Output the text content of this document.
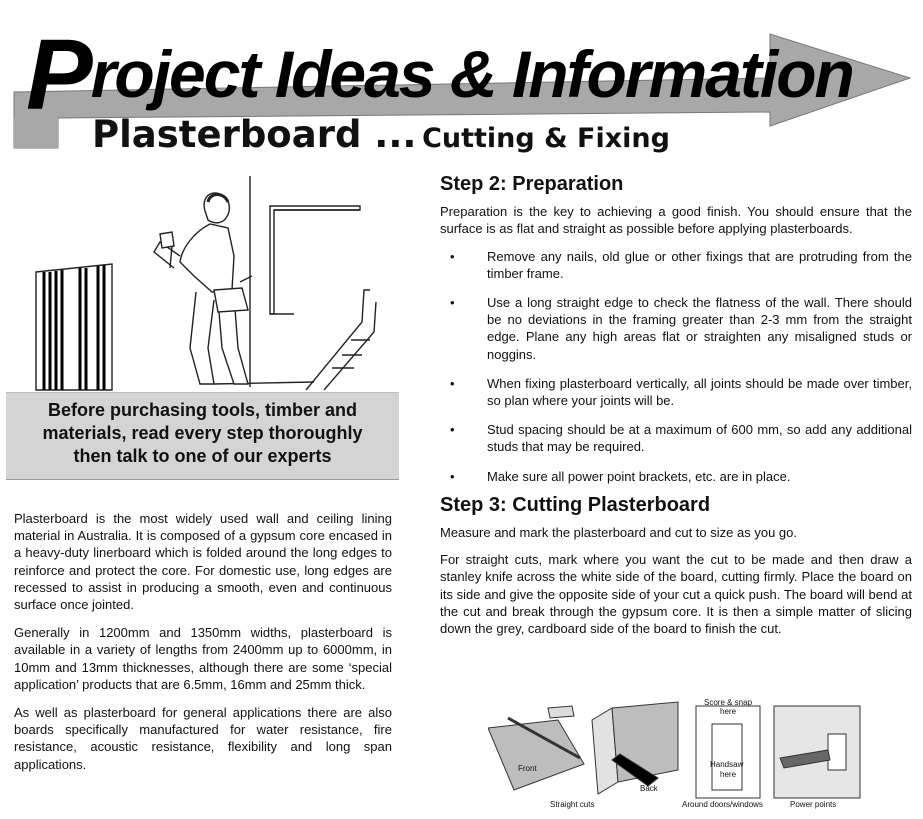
Project Ideas & Information
Plasterboard ... Cutting & Fixing
Before purchasing tools, timber and
materials, read every step thoroughly
then talk to one of our experts

Plasterboard is the most widely used wall and ceiling lining material in Australia. It is composed of a gypsum core encased in a heavy-duty linerboard which is folded around the long edges to reinforce and protect the core. For domestic use, long edges are recessed to assist in producing a smooth, even and continuous surface once jointed.

Generally in 1200mm and 1350mm widths, plasterboard is available in a variety of lengths from 2400mm up to 6000mm, in 10mm and 13mm thicknesses, although there are some ‘special application’ products that are 6.5mm, 16mm and 25mm thick.

As well as plasterboard for general applications there are also boards specifically manufactured for water resistance, fire resistance, acoustic resistance, flexibility and long span applications.

Step 2: Preparation

Preparation is the key to achieving a good finish. You should ensure that the surface is as flat and straight as possible before applying plasterboards.

• Remove any nails, old glue or other fixings that are protruding from the timber frame.
• Use a long straight edge to check the flatness of the wall. There should be no deviations in the framing greater than 2-3 mm from the straight edge. Plane any high areas flat or straighten any misaligned studs or noggins.
• When fixing plasterboard vertically, all joints should be made over timber, so plan where your joints will be.
• Stud spacing should be at a maximum of 600 mm, so add any additional studs that may be required.
• Make sure all power point brackets, etc. are in place.
Step 3: Cutting Plasterboard

Measure and mark the plasterboard and cut to size as you go.

For straight cuts, mark where you want the cut to be made and then draw a stanley knife across the white side of the board, cutting firmly. Place the board on its side and give the opposite side of your cut a quick push. The board will bend at the cut and break through the gypsum core. It is then a simple matter of slicing down the grey, cardboard side of the board to finish the cut.

Front
Back
Score & snap
here
Handsaw
here
Straight cuts	Around doors/windows	Power points
